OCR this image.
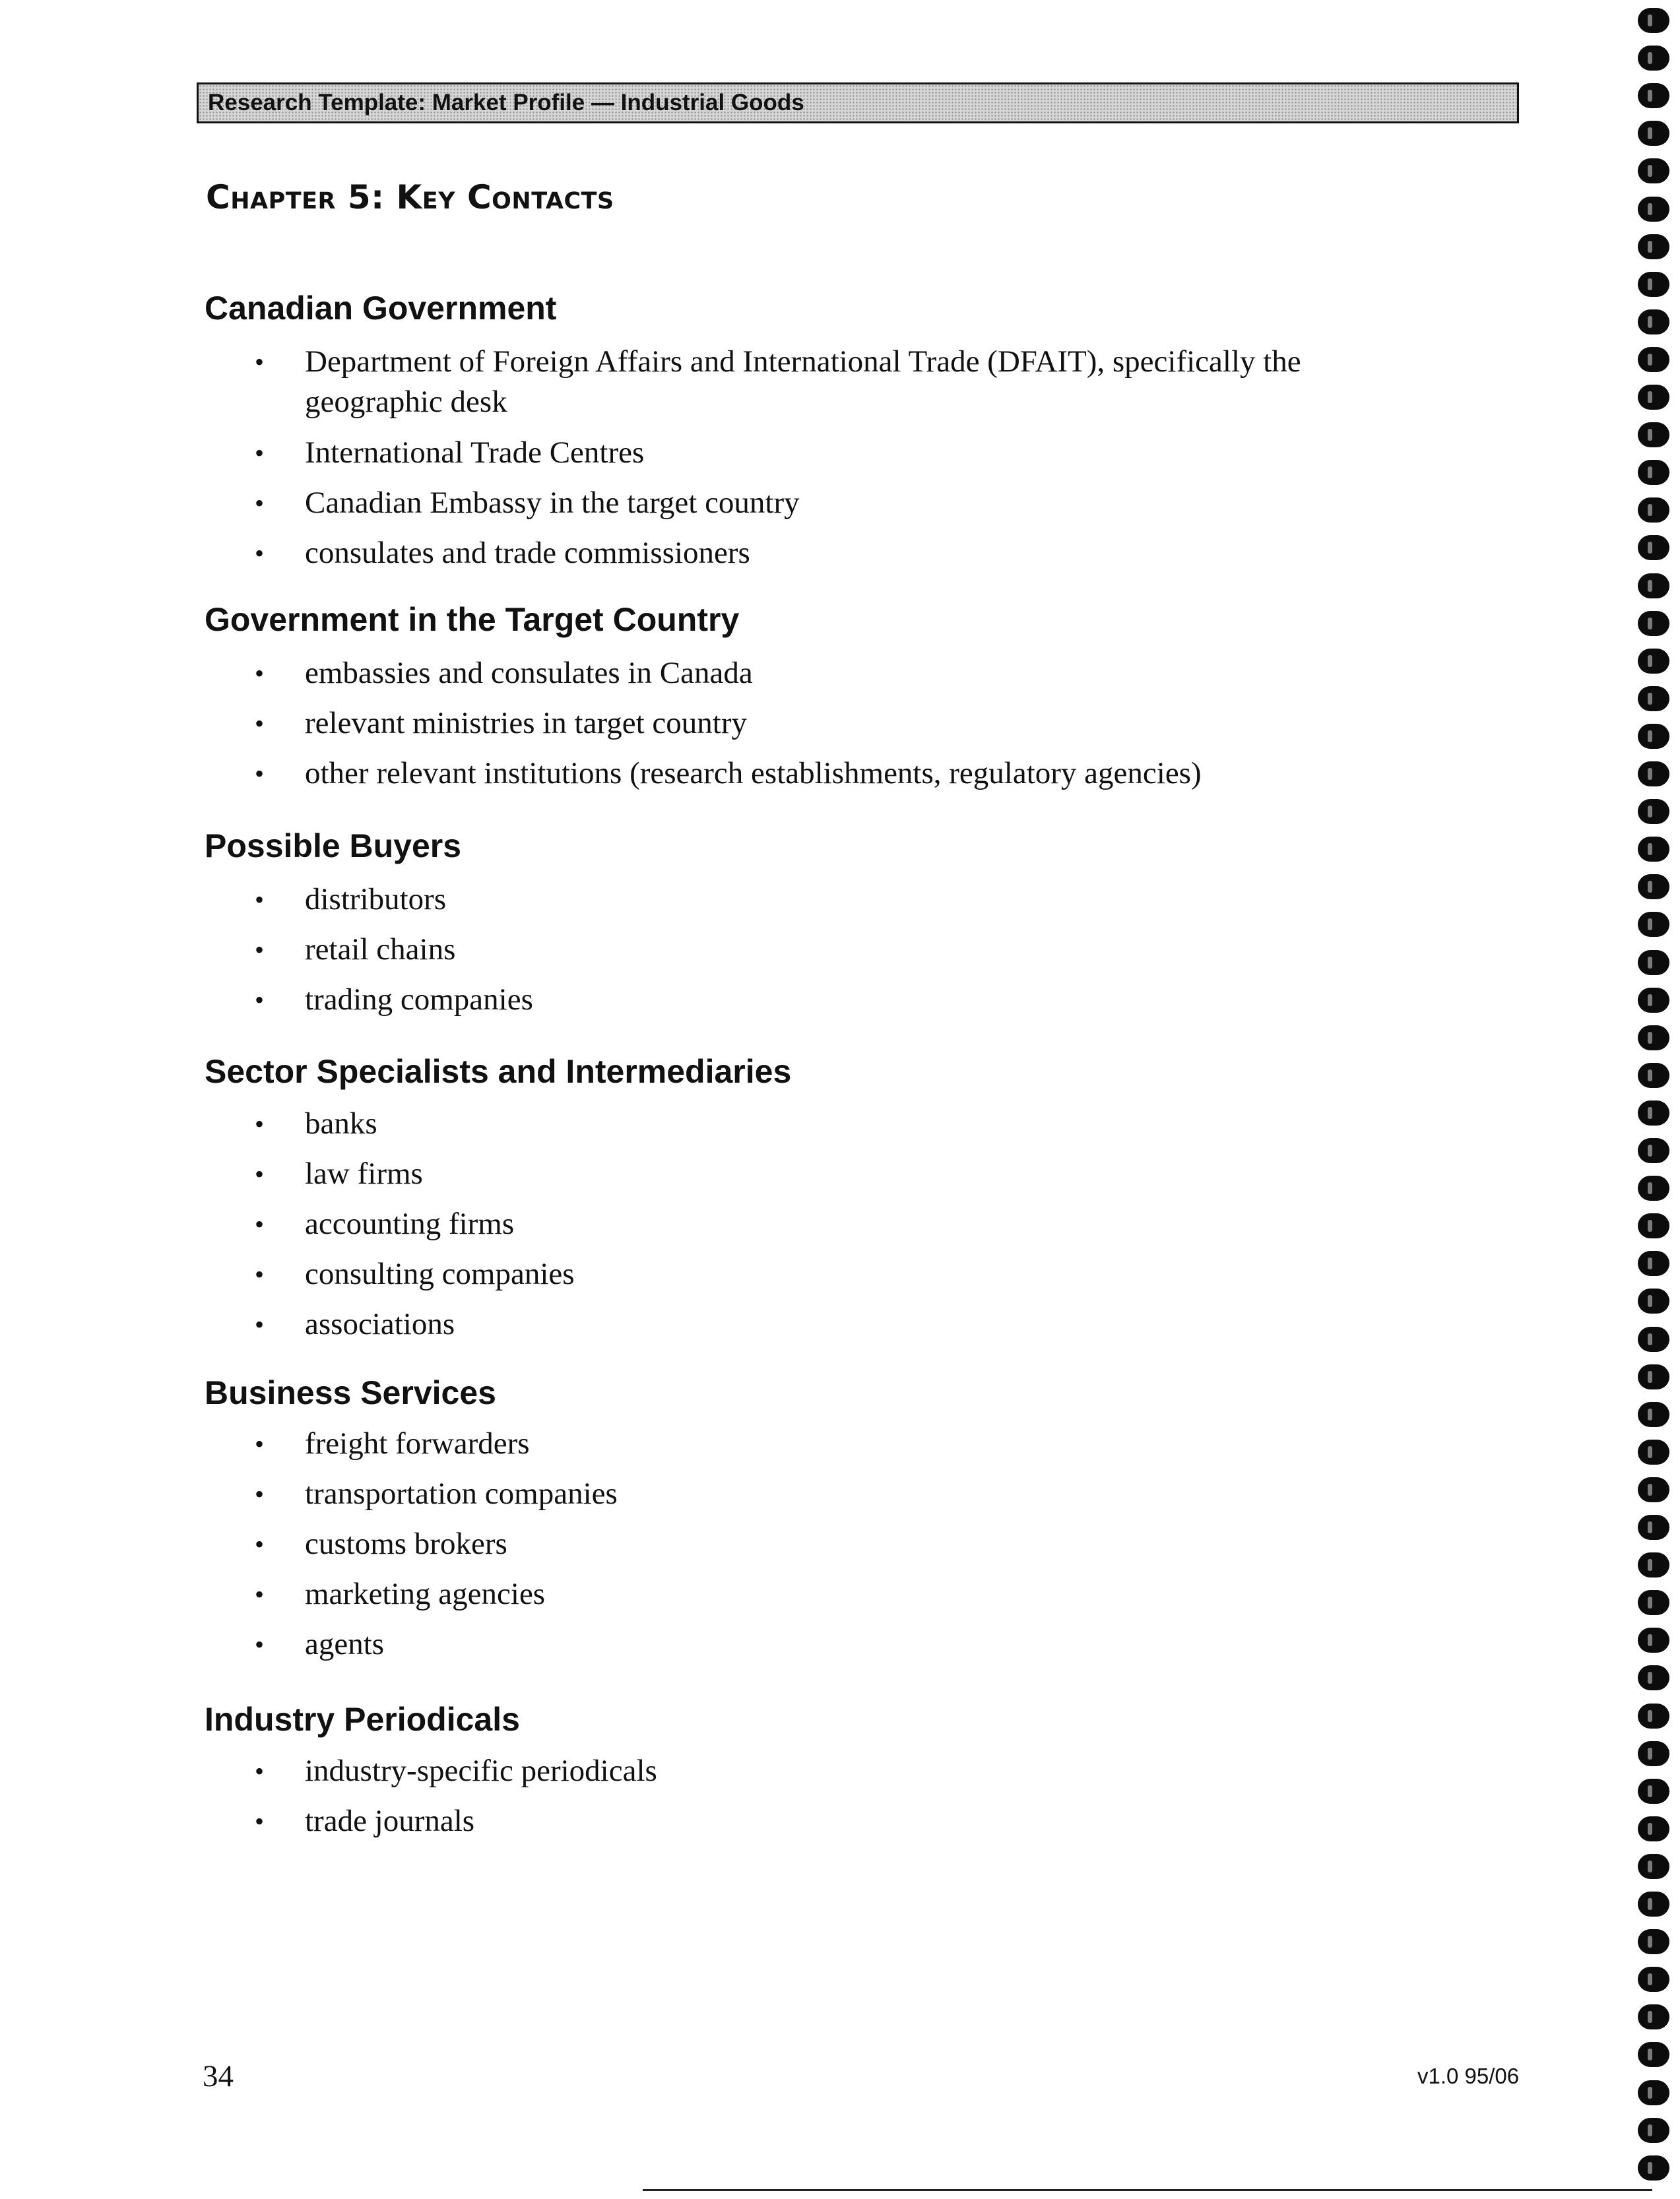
Research Template: Market Profile — Industrial Goods
Chapter 5: Key Contacts
Canadian Government
• Department of Foreign Affairs and International Trade (DFAIT), specifically the
geographic desk
• International Trade Centres
• Canadian Embassy in the target country
• consulates and trade commissioners
Government in the Target Country
• embassies and consulates in Canada
• relevant ministries in target country
• other relevant institutions (research establishments, regulatory agencies)
Possible Buyers
• distributors
• retail chains
• trading companies
Sector Specialists and Intermediaries
• banks
• law firms
• accounting firms
• consulting companies
• associations
Business Services
• freight forwarders
• transportation companies
• customs brokers
• marketing agencies
• agents
Industry Periodicals
• industry-specific periodicals
• trade journals
34	v1.0 95/06
